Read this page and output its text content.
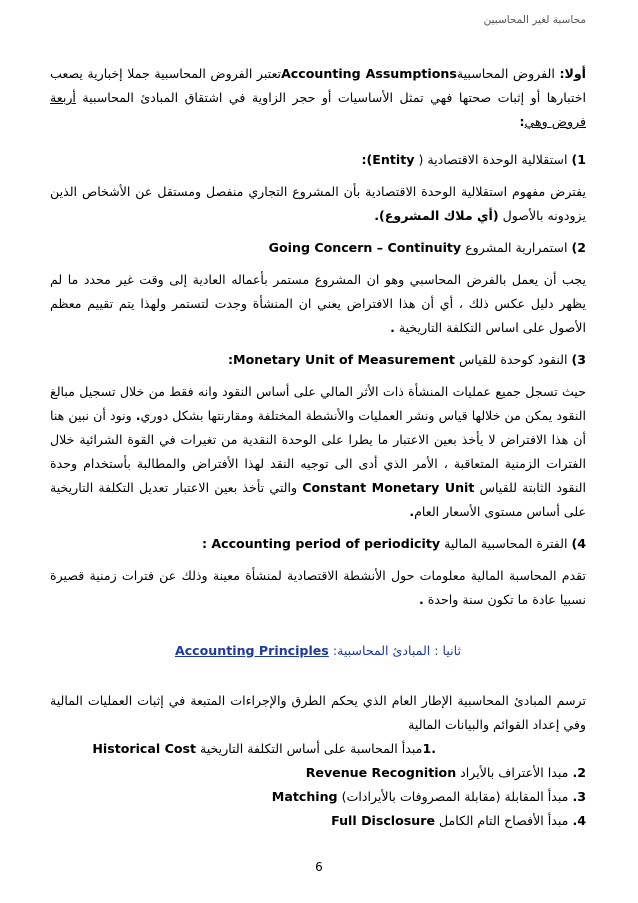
محاسبة لغير المحاسبين

أولا: الفروض المحاسبيةAccounting Assumptionsتعتبر الفروض المحاسبية جملا إخبارية يصعب اختبارها أو إثبات صحتها فهي تمثل الأساسيات أو حجر الزاوية في اشتقاق المبادئ المحاسبية أربعة فروض وهي:

1) استقلالية الوحدة الاقتصادية ( (Entity:

يفترض مفهوم استقلالية الوحدة الاقتصادية بأن المشروع التجاري منفصل ومستقل عن الأشخاص الذين يزودونه بالأصول (أي ملاك المشروع).

2) استمرارية المشروع Going Concern – Continuity

يجب أن يعمل بالفرض المحاسبي وهو ان المشروع مستمر بأعماله العادية إلى وقت غير محدد ما لم يظهر دليل عكس ذلك ، أي أن هذا الافتراض يعني ان المنشأة وجدت لتستمر ولهذا يتم تقييم معظم الأصول على اساس التكلفة التاريخية .

3) النقود كوحدة للقياس Monetary Unit of Measurement:

حيث تسجل جميع عمليات المنشأة ذات الأثر المالي على أساس النقود وانه فقط من خلال تسجيل مبالغ النقود يمكن من خلالها قياس ونشر العمليات والأنشطة المختلفة ومقارنتها بشكل دوري. ونود أن نبين هنا أن هذا الافتراض لا يأخذ بعين الاعتبار ما يطرا على الوحدة النقدية من تغيرات في القوة الشرائية خلال الفترات الزمنية المتعاقبة ، الأمر الذي أدى الى توجيه النقد لهذا الأفتراض والمطالبة بأستخدام وحدة النقود الثابتة للقياس Constant Monetary Unit والتي تأخذ بعين الاعتبار تعديل التكلفة التاريخية على أساس مستوى الأسعار العام.

4) الفترة المحاسبية المالية Accounting period of periodicity :

تقدم المحاسبة المالية معلومات حول الأنشطة الاقتصادية لمنشأة معينة وذلك عن فترات زمنية قصيرة نسبيا عادة ما تكون سنة واحدة .

ثانيا : المبادئ المحاسبية: Accounting Principles

ترسم المبادئ المحاسبية الإطار العام الذي يحكم الطرق والإجراءات المتبعة في إثبات العمليات المالية وفي إعداد القوائم والبيانات المالية

.1مبدأ المحاسبة على أساس التكلفة التاريخية Historical Cost

2. مبدا الأعتراف بالأيراد Revenue Recognition

3. مبدأ المقابلة (مقابلة المصروفات بالأيرادات) Matching

4. مبدأ الأفصاح التام الكامل Full Disclosure

6
